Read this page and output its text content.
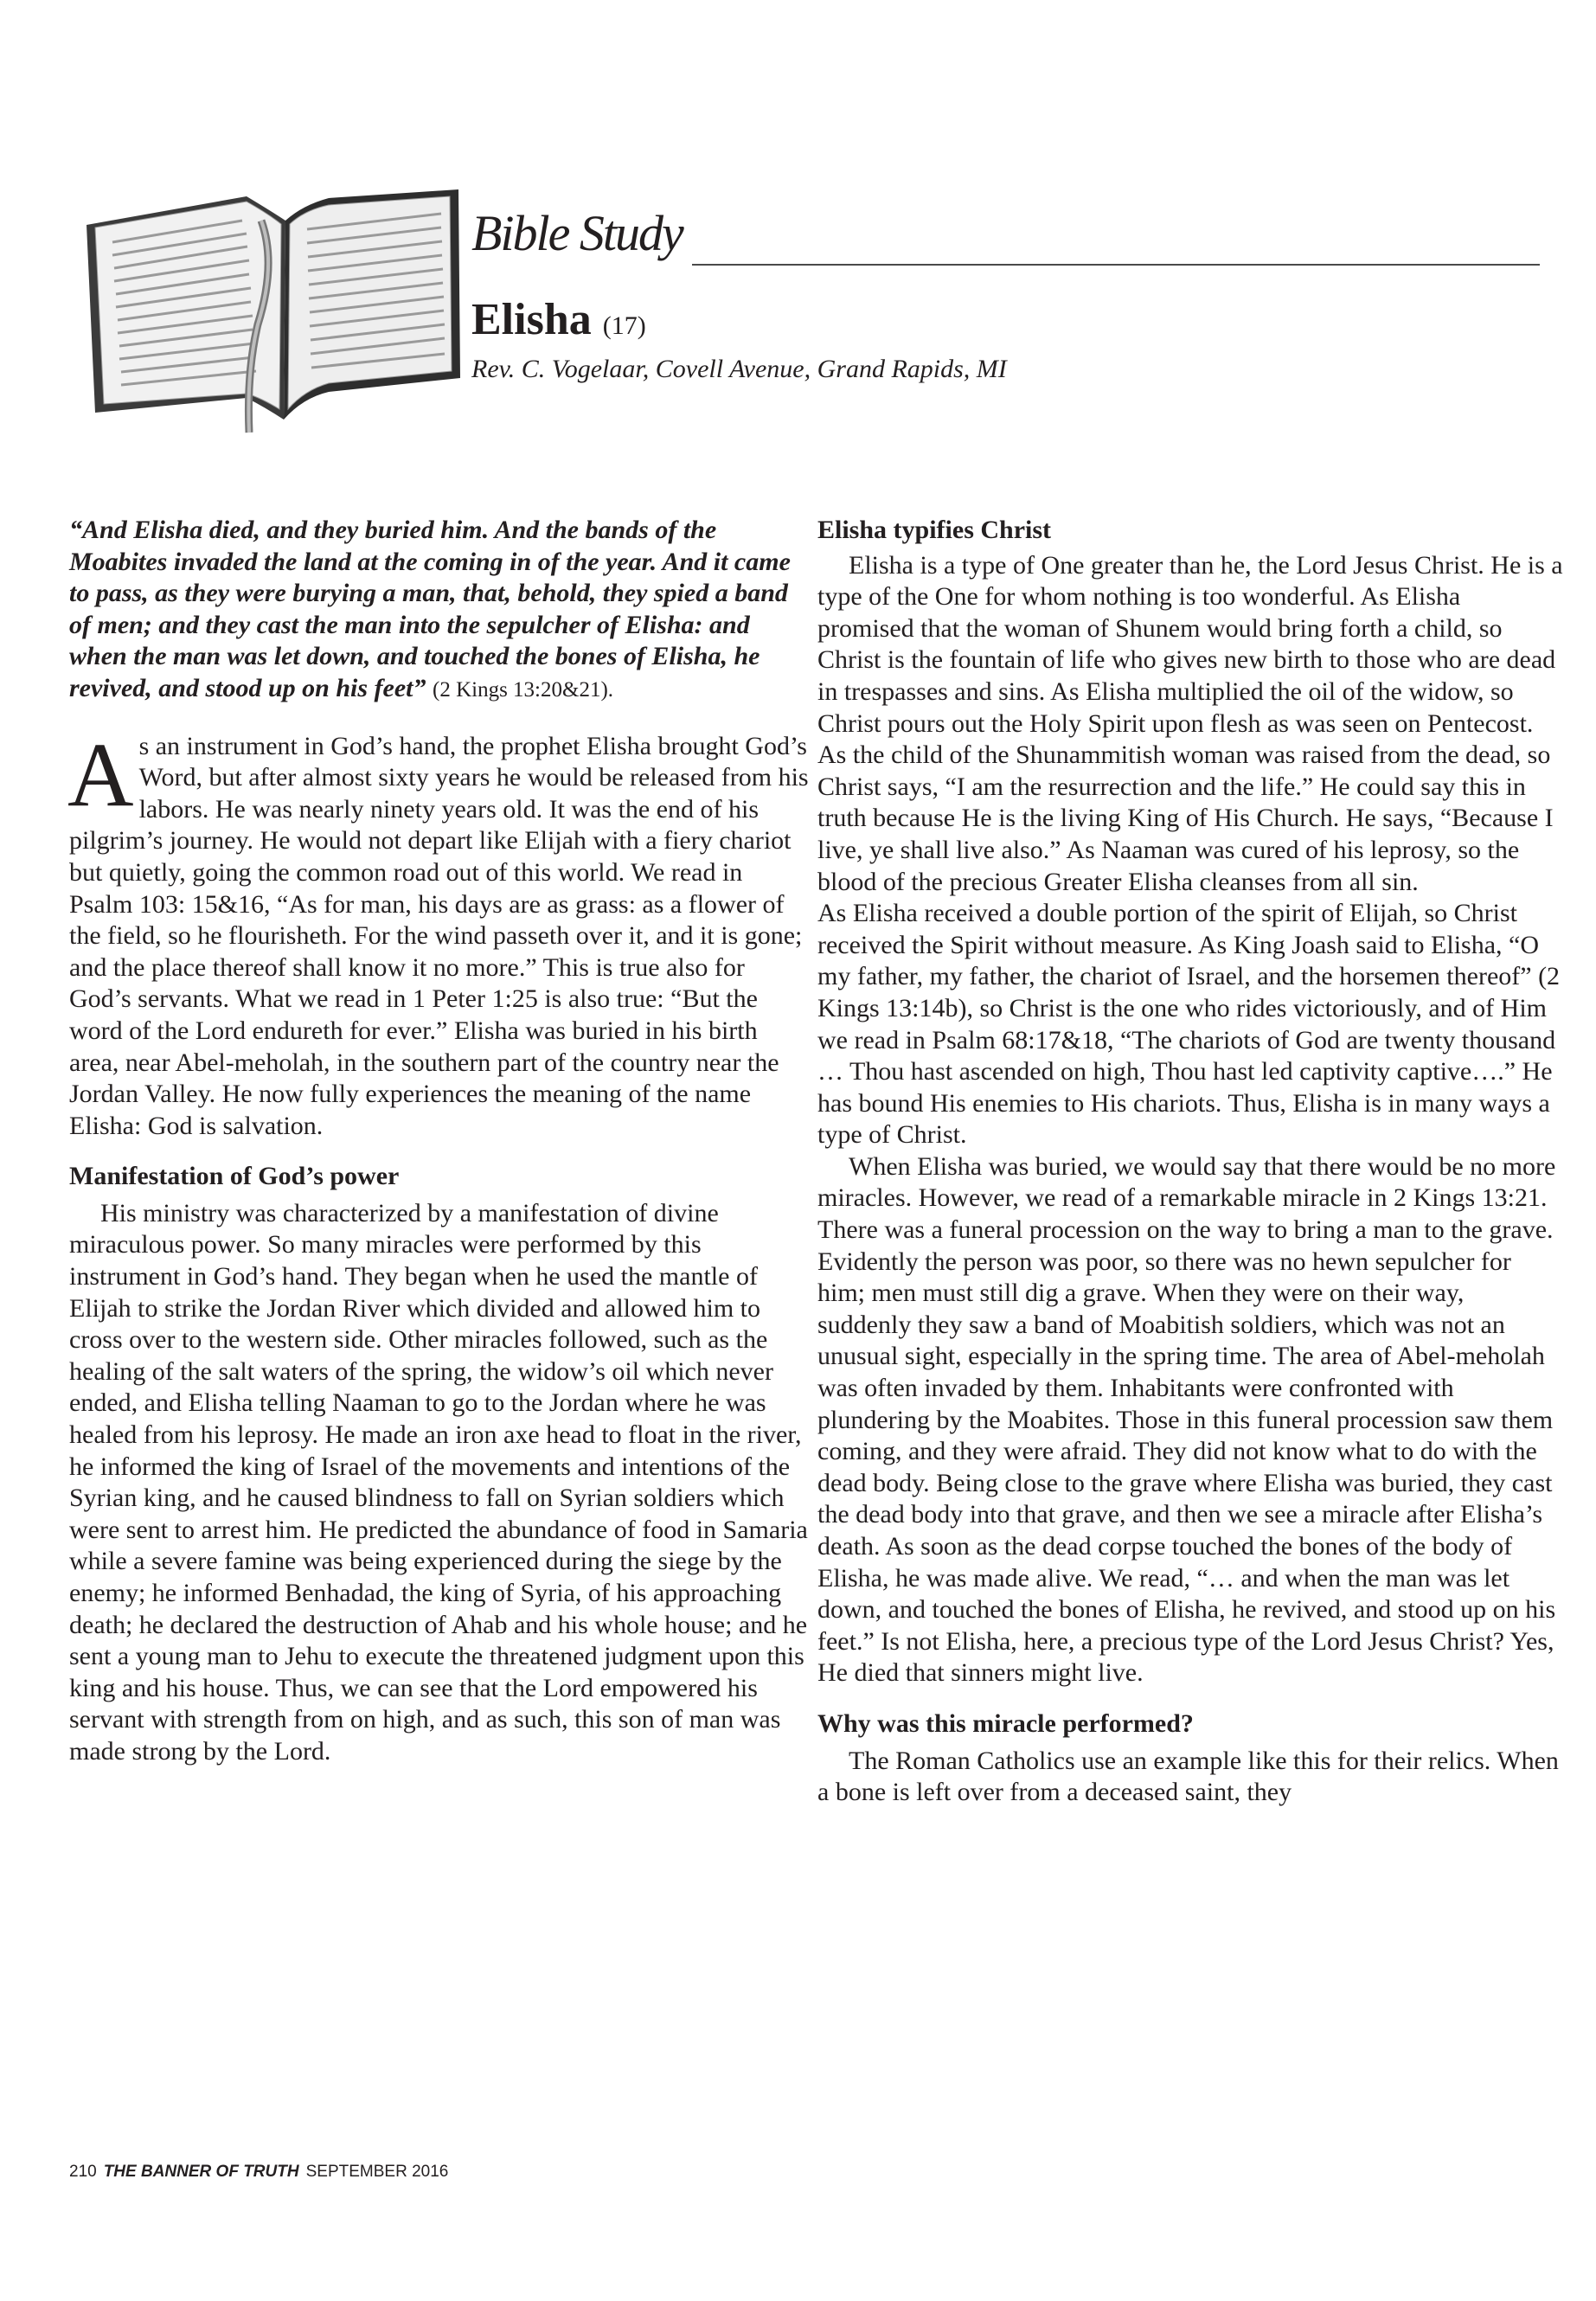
Bible Study
Elisha (17)
Rev. C. Vogelaar, Covell Avenue, Grand Rapids, MI

“And Elisha died, and they buried him. And the bands of the Moabites invaded the land at the coming in of the year. And it came to pass, as they were burying a man, that, behold, they spied a band of men; and they cast the man into the sepulcher of Elisha: and when the man was let down, and touched the bones of Elisha, he revived, and stood up on his feet” (2 Kings 13:20&21).

As an instrument in God’s hand, the prophet Elisha brought God’s Word, but after almost sixty years he would be released from his labors. He was nearly ninety years old. It was the end of his pilgrim’s journey. He would not depart like Elijah with a fiery chariot but quietly, going the common road out of this world. We read in Psalm 103: 15&16, “As for man, his days are as grass: as a flower of the field, so he flourisheth. For the wind passeth over it, and it is gone; and the place thereof shall know it no more.” This is true also for God’s servants. What we read in 1 Peter 1:25 is also true: “But the word of the Lord endureth for ever.” Elisha was buried in his birth area, near Abel-meholah, in the southern part of the country near the Jordan Valley. He now fully experiences the meaning of the name Elisha: God is salvation.

Manifestation of God’s power

His ministry was characterized by a manifestation of divine miraculous power. So many miracles were performed by this instrument in God’s hand. They began when he used the mantle of Elijah to strike the Jordan River which divided and allowed him to cross over to the western side. Other miracles followed, such as the healing of the salt waters of the spring, the widow’s oil which never ended, and Elisha telling Naaman to go to the Jordan where he was healed from his leprosy. He made an iron axe head to float in the river, he informed the king of Israel of the movements and intentions of the Syrian king, and he caused blindness to fall on Syrian soldiers which were sent to arrest him. He predicted the abundance of food in Samaria while a severe famine was being experienced during the siege by the enemy; he informed Benhadad, the king of Syria, of his approaching death; he declared the destruction of Ahab and his whole house; and he sent a young man to Jehu to execute the threatened judgment upon this king and his house. Thus, we can see that the Lord empowered his servant with strength from on high, and as such, this son of man was made strong by the Lord.

Elisha typifies Christ

Elisha is a type of One greater than he, the Lord Jesus Christ. He is a type of the One for whom nothing is too wonderful. As Elisha promised that the woman of Shunem would bring forth a child, so Christ is the fountain of life who gives new birth to those who are dead in trespasses and sins. As Elisha multiplied the oil of the widow, so Christ pours out the Holy Spirit upon flesh as was seen on Pentecost. As the child of the Shunammitish woman was raised from the dead, so Christ says, “I am the resurrection and the life.” He could say this in truth because He is the living King of His Church. He says, “Because I live, ye shall live also.” As Naaman was cured of his leprosy, so the blood of the precious Greater Elisha cleanses from all sin.

As Elisha received a double portion of the spirit of Elijah, so Christ received the Spirit without measure. As King Joash said to Elisha, “O my father, my father, the chariot of Israel, and the horsemen thereof” (2 Kings 13:14b), so Christ is the one who rides victoriously, and of Him we read in Psalm 68:17&18, “The chariots of God are twenty thousand … Thou hast ascended on high, Thou hast led captivity captive….” He has bound His enemies to His chariots. Thus, Elisha is in many ways a type of Christ.

When Elisha was buried, we would say that there would be no more miracles. However, we read of a remarkable miracle in 2 Kings 13:21. There was a funeral procession on the way to bring a man to the grave. Evidently the person was poor, so there was no hewn sepulcher for him; men must still dig a grave. When they were on their way, suddenly they saw a band of Moabitish soldiers, which was not an unusual sight, especially in the spring time. The area of Abel-meholah was often invaded by them. Inhabitants were confronted with plundering by the Moabites. Those in this funeral procession saw them coming, and they were afraid. They did not know what to do with the dead body. Being close to the grave where Elisha was buried, they cast the dead body into that grave, and then we see a miracle after Elisha’s death. As soon as the dead corpse touched the bones of the body of Elisha, he was made alive. We read, “… and when the man was let down, and touched the bones of Elisha, he revived, and stood up on his feet.” Is not Elisha, here, a precious type of the Lord Jesus Christ? Yes, He died that sinners might live.

Why was this miracle performed?

The Roman Catholics use an example like this for their relics. When a bone is left over from a deceased saint, they

210 THE BANNER OF TRUTH SEPTEMBER 2016
